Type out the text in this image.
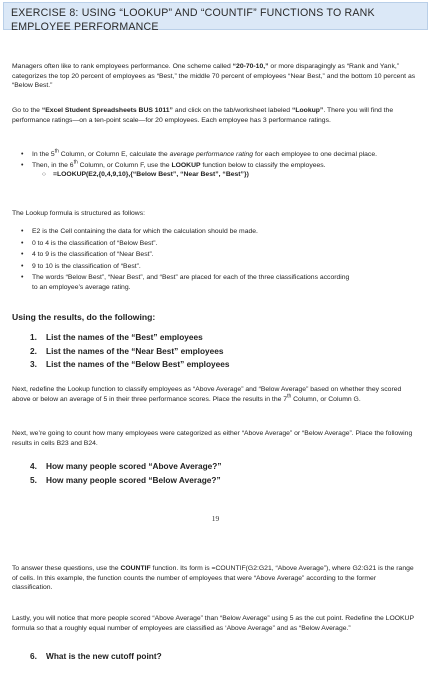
EXERCISE 8: USING “LOOKUP” AND “COUNTIF” FUNCTIONS TO RANK
EMPLOYEE PERFORMANCE

Managers often like to rank employees performance. One scheme called “20-70-10,” or more disparagingly as “Rank and Yank,” categorizes the top 20 percent of employees as “Best,” the middle 70 percent of employees “Near Best,” and the bottom 10 percent as “Below Best.”

Go to the “Excel Student Spreadsheets BUS 1011” and click on the tab/worksheet labeled “Lookup”. There you will find the performance ratings—on a ten-point scale—for 20 employees. Each employee has 3 performance ratings.

• In the 5th Column, or Column E, calculate the average performance rating for each employee to one decimal place.
• Then, in the 6th Column, or Column F, use the LOOKUP function below to classify the employees.
○ =LOOKUP(E2,{0,4,9,10},{“Below Best”, “Near Best”, “Best”})

The Lookup formula is structured as follows:

• E2 is the Cell containing the data for which the calculation should be made.
• 0 to 4 is the classification of “Below Best”.
• 4 to 9 is the classification of “Near Best”.
• 9 to 10 is the classification of “Best”.
• The words “Below Best”, “Near Best”, and “Best” are placed for each of the three classifications according to an employee’s average rating.

Using the results, do the following:

1. List the names of the “Best” employees
2. List the names of the “Near Best” employees
3. List the names of the “Below Best” employees

Next, redefine the Lookup function to classify employees as “Above Average” and “Below Average” based on whether they scored above or below an average of 5 in their three performance scores. Place the results in the 7th Column, or Column G.

Next, we’re going to count how many employees were categorized as either “Above Average” or “Below Average”. Place the following results in cells B23 and B24.

4. How many people scored “Above Average?”
5. How many people scored “Below Average?”
19

To answer these questions, use the COUNTIF function. Its form is =COUNTIF(G2:G21, “Above Average”), where G2:G21 is the range of cells. In this example, the function counts the number of employees that were “Above Average” according to the former classification.

Lastly, you will notice that more people scored “Above Average” than “Below Average” using 5 as the cut point. Redefine the LOOKUP formula so that a roughly equal number of employees are classified as ‘Above Average” and as “Below Average.”

6. What is the new cutoff point?
